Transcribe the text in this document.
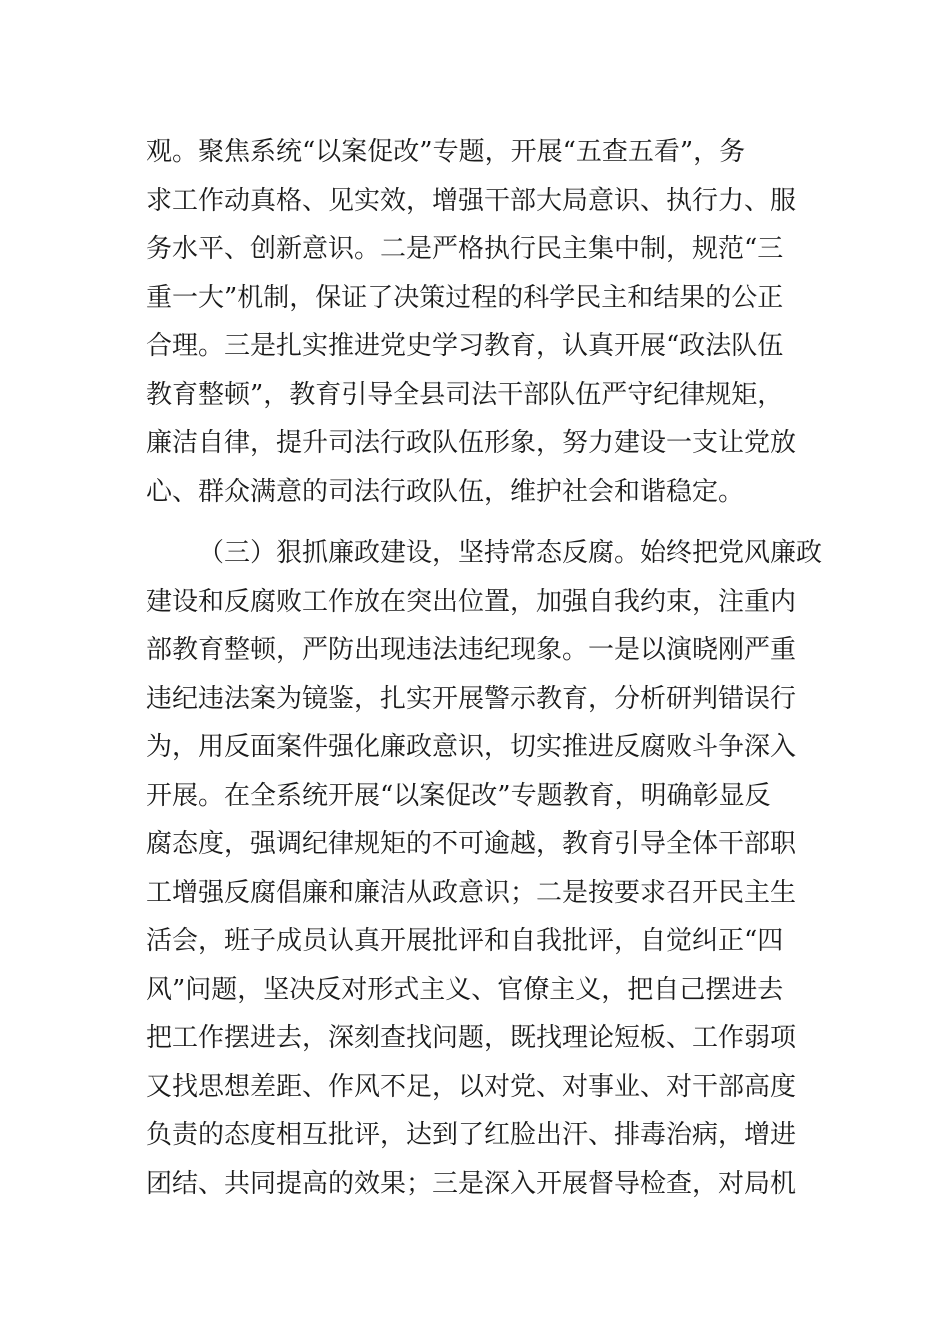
观。聚焦系统“以案促改”专题，开展“五查五看”，务
求工作动真格、见实效，增强干部大局意识、执行力、服
务水平、创新意识。二是严格执行民主集中制，规范“三
重一大”机制，保证了决策过程的科学民主和结果的公正
合理。三是扎实推进党史学习教育，认真开展“政法队伍
教育整顿”，教育引导全县司法干部队伍严守纪律规矩，
廉洁自律，提升司法行政队伍形象，努力建设一支让党放
心、群众满意的司法行政队伍，维护社会和谐稳定。
（三）狠抓廉政建设，坚持常态反腐。始终把党风廉政
建设和反腐败工作放在突出位置，加强自我约束，注重内
部教育整顿，严防出现违法违纪现象。一是以演晓刚严重
违纪违法案为镜鉴，扎实开展警示教育，分析研判错误行
为，用反面案件强化廉政意识，切实推进反腐败斗争深入
开展。在全系统开展“以案促改”专题教育，明确彰显反
腐态度，强调纪律规矩的不可逾越，教育引导全体干部职
工增强反腐倡廉和廉洁从政意识；二是按要求召开民主生
活会，班子成员认真开展批评和自我批评，自觉纠正“四
风”问题，坚决反对形式主义、官僚主义，把自己摆进去
把工作摆进去，深刻查找问题，既找理论短板、工作弱项
又找思想差距、作风不足，以对党、对事业、对干部高度
负责的态度相互批评，达到了红脸出汗、排毒治病，增进
团结、共同提高的效果；三是深入开展督导检查，对局机
